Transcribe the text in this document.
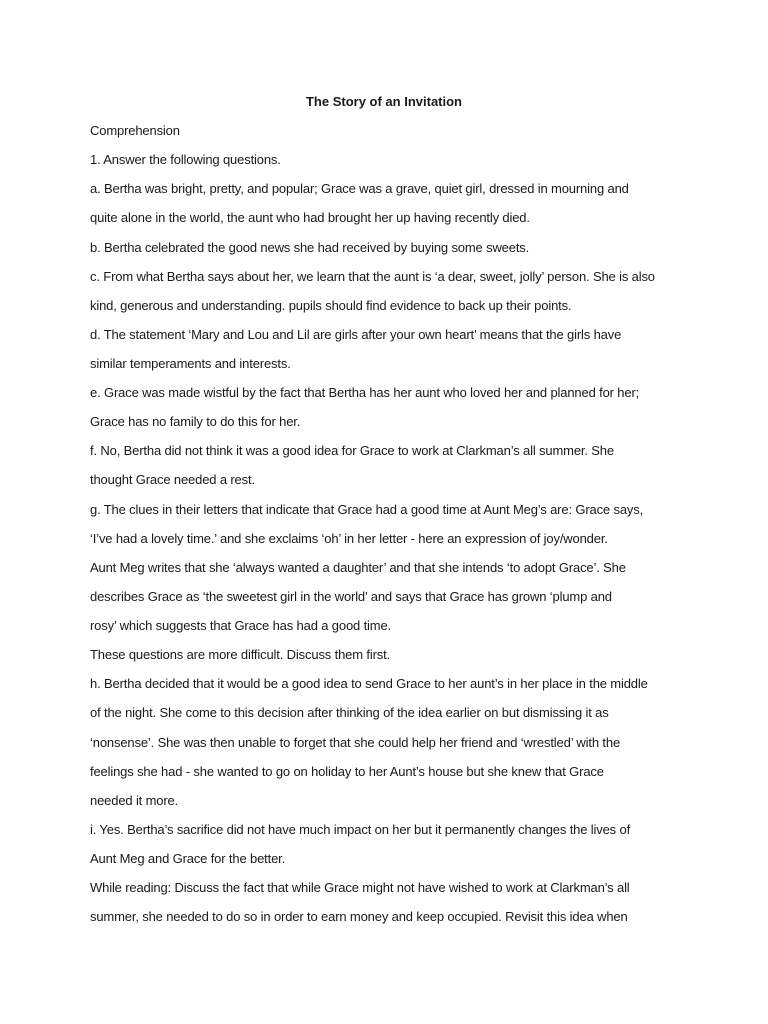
The Story of an Invitation
Comprehension
1. Answer the following questions.
a. Bertha was bright, pretty, and popular; Grace was a grave, quiet girl, dressed in mourning and
quite alone in the world, the aunt who had brought her up having recently died.
b. Bertha celebrated the good news she had received by buying some sweets.
c. From what Bertha says about her, we learn that the aunt is ‘a dear, sweet, jolly’ person. She is also
kind, generous and understanding. pupils should find evidence to back up their points.
d. The statement ‘Mary and Lou and Lil are girls after your own heart’ means that the girls have
similar temperaments and interests.
e. Grace was made wistful by the fact that Bertha has her aunt who loved her and planned for her;
Grace has no family to do this for her.
f. No, Bertha did not think it was a good idea for Grace to work at Clarkman’s all summer. She
thought Grace needed a rest.
g. The clues in their letters that indicate that Grace had a good time at Aunt Meg’s are: Grace says,
‘I’ve had a lovely time.’ and she exclaims ‘oh’ in her letter - here an expression of joy/wonder.
Aunt Meg writes that she ‘always wanted a daughter’ and that she intends ‘to adopt Grace’. She
describes Grace as ‘the sweetest girl in the world’ and says that Grace has grown ‘plump and
rosy’ which suggests that Grace has had a good time.
These questions are more difficult. Discuss them first.
h. Bertha decided that it would be a good idea to send Grace to her aunt’s in her place in the middle
of the night. She come to this decision after thinking of the idea earlier on but dismissing it as
‘nonsense’. She was then unable to forget that she could help her friend and ‘wrestled’ with the
feelings she had - she wanted to go on holiday to her Aunt’s house but she knew that Grace
needed it more.
i. Yes. Bertha’s sacrifice did not have much impact on her but it permanently changes the lives of
Aunt Meg and Grace for the better.
While reading: Discuss the fact that while Grace might not have wished to work at Clarkman’s all
summer, she needed to do so in order to earn money and keep occupied. Revisit this idea when
